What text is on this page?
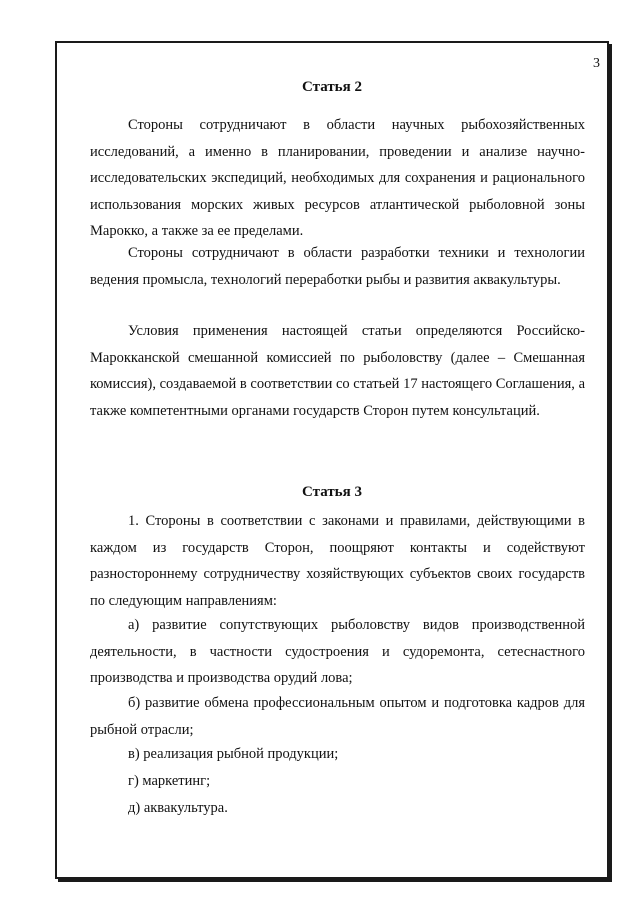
3
Статья 2

Стороны сотрудничают в области научных рыбохозяйственных исследований, а именно в планировании, проведении и анализе научно-исследовательских экспедиций, необходимых для сохранения и рационального использования морских живых ресурсов атлантической рыболовной зоны Марокко, а также за ее пределами.

Стороны сотрудничают в области разработки техники и технологии ведения промысла, технологий переработки рыбы и развития аквакультуры.

Условия применения настоящей статьи определяются Российско-Марокканской смешанной комиссией по рыболовству (далее – Смешанная комиссия), создаваемой в соответствии со статьей 17 настоящего Соглашения, а также компетентными органами государств Сторон путем консультаций.

Статья 3

1. Стороны в соответствии с законами и правилами, действующими в каждом из государств Сторон, поощряют контакты и содействуют разностороннему сотрудничеству хозяйствующих субъектов своих государств по следующим направлениям:

а) развитие сопутствующих рыболовству видов производственной деятельности, в частности судостроения и судоремонта, сетеснастного производства и производства орудий лова;

б) развитие обмена профессиональным опытом и подготовка кадров для рыбной отрасли;

в) реализация рыбной продукции;

г) маркетинг;

д) аквакультура.
